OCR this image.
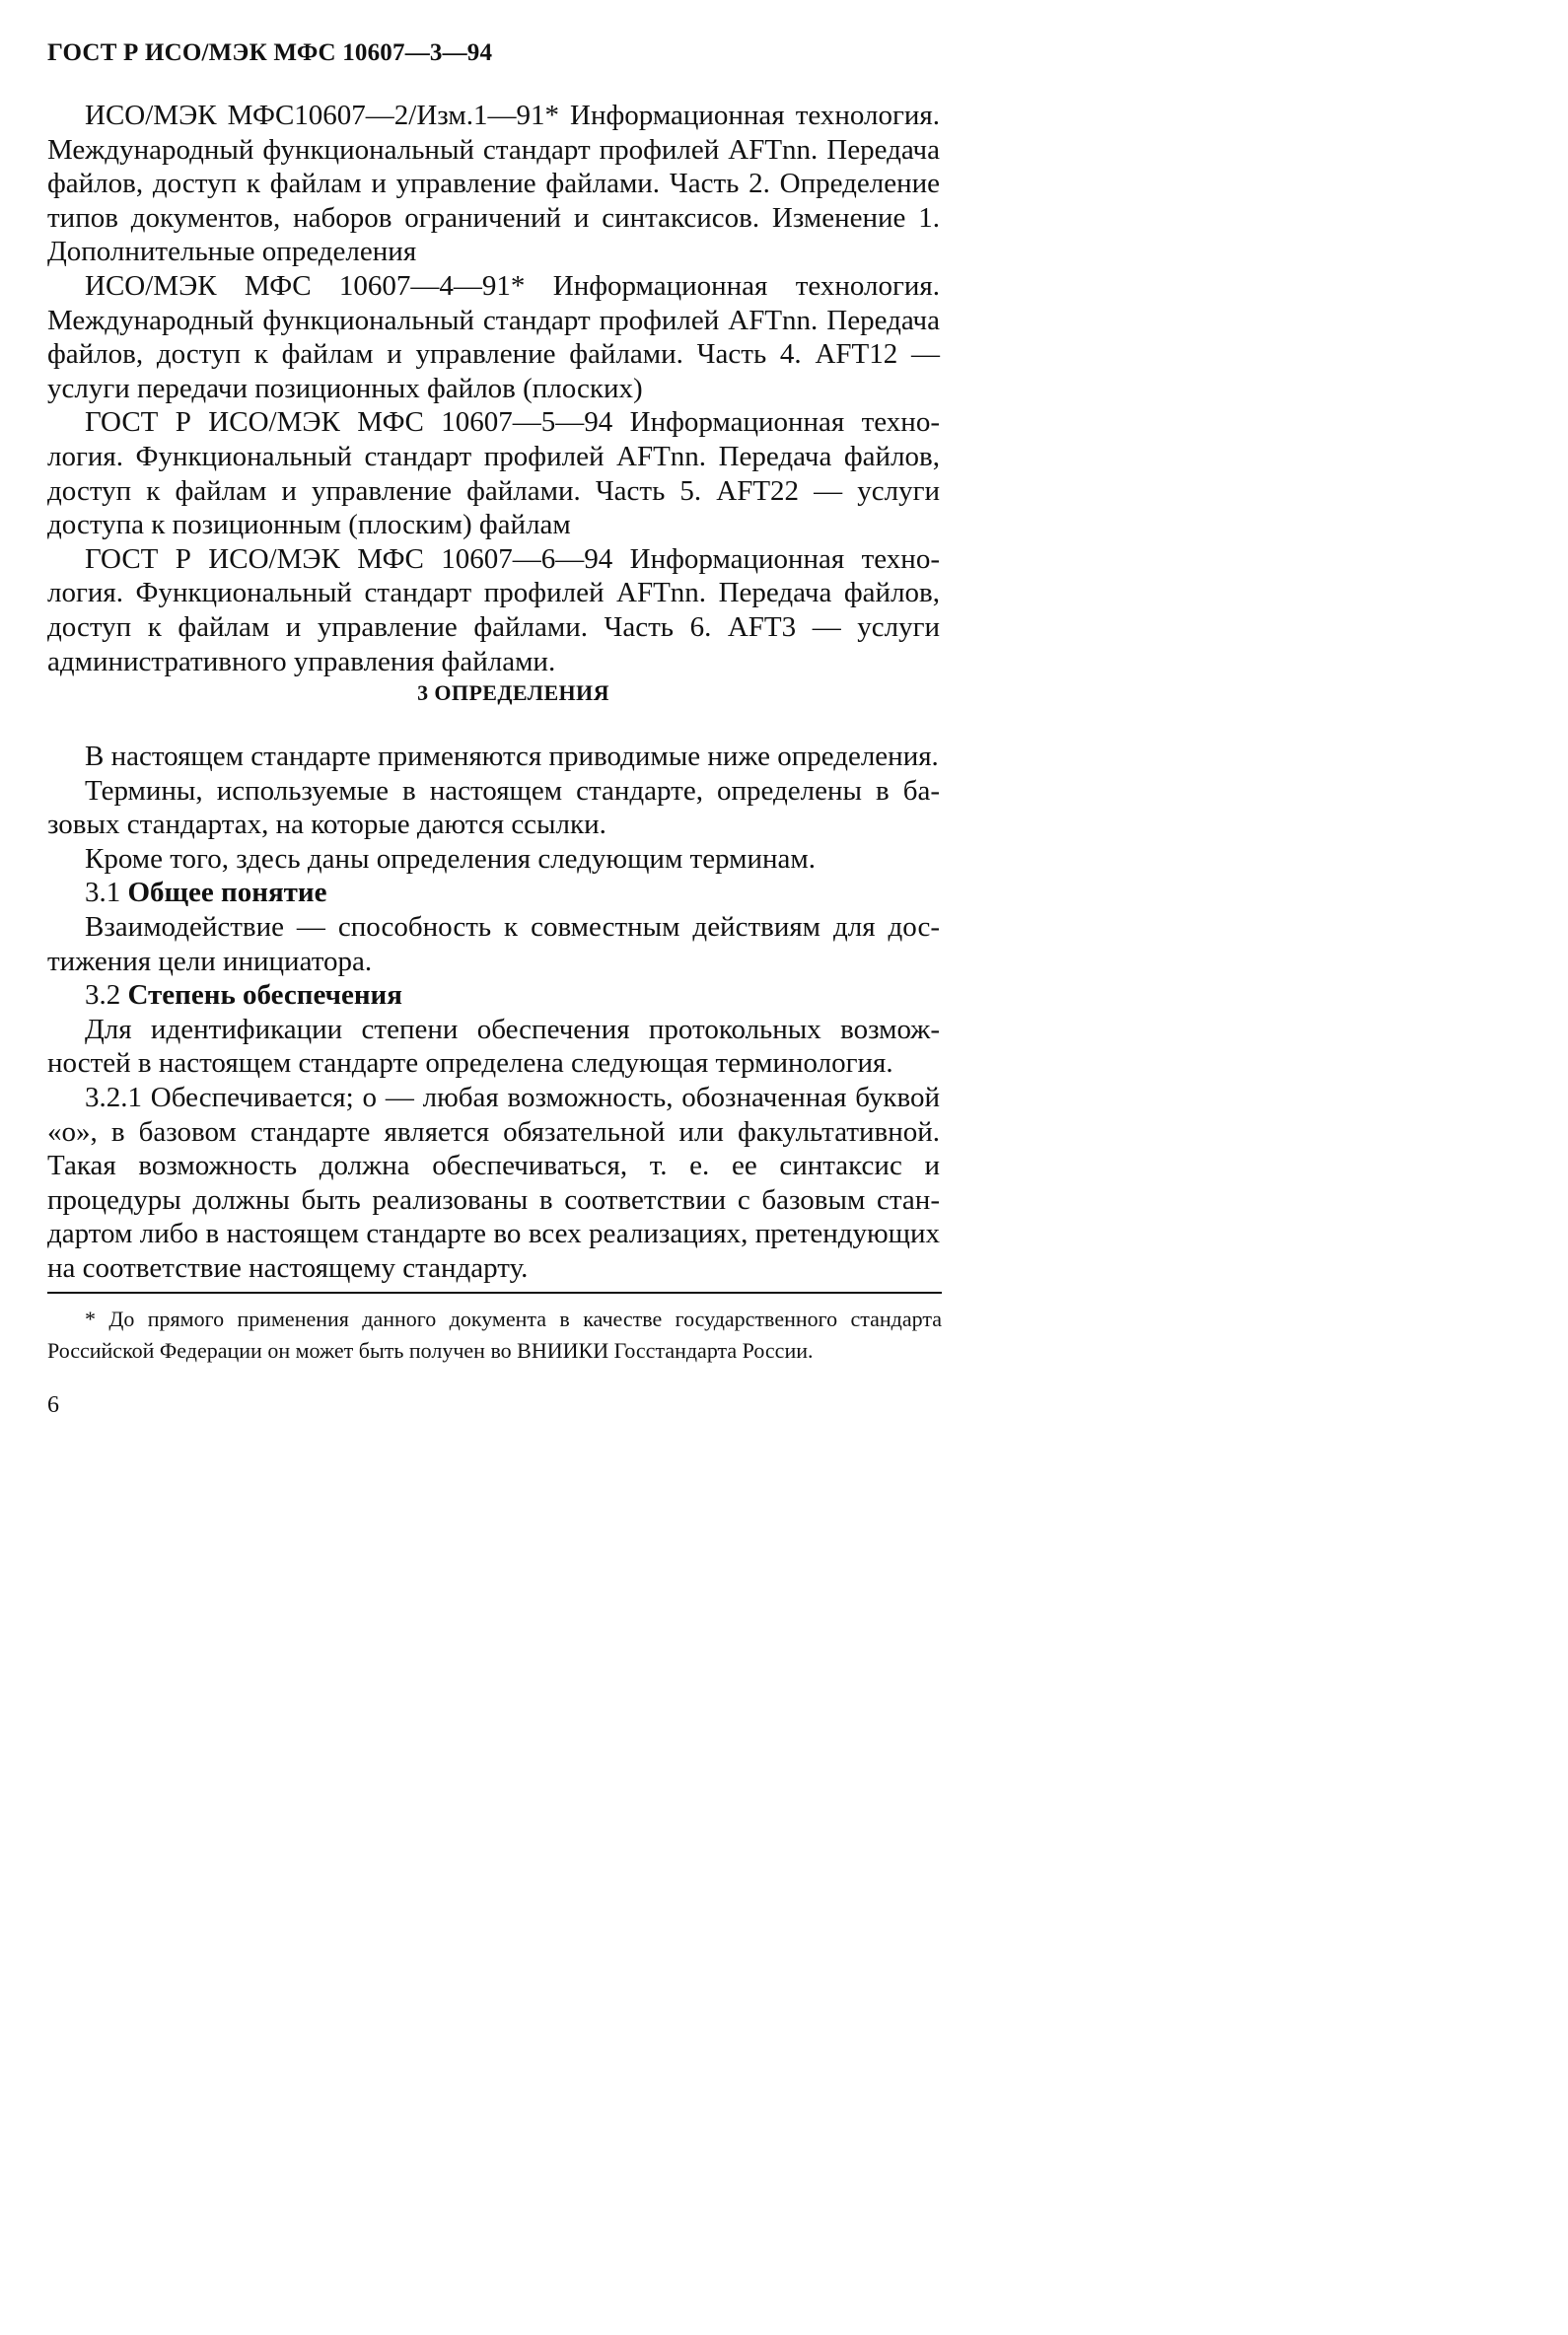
ГОСТ Р ИСО/МЭК МФС 10607—3—94

ИСО/МЭК МФС10607—2/Изм.1—91* Информационная технология. Международный функциональный стандарт профилей AFTnn. Передача файлов, доступ к файлам и управление файлами. Часть 2. Определение типов документов, наборов ограничений и синтаксисов. Изменение 1. Дополнительные определения

ИСО/МЭК МФС 10607—4—91* Информационная технология. Международный функциональный стандарт профилей AFTnn. Передача файлов, доступ к файлам и управление файлами. Часть 4. AFT12 — услуги передачи позиционных файлов (плоских)

ГОСТ Р ИСО/МЭК МФС 10607—5—94 Информационная технология. Функциональный стандарт профилей AFTnn. Передача файлов, доступ к файлам и управление файлами. Часть 5. AFT22 — услуги доступа к позиционным (плоским) файлам

ГОСТ Р ИСО/МЭК МФС 10607—6—94 Информационная технология. Функциональный стандарт профилей AFTnn. Передача файлов, доступ к файлам и управление файлами. Часть 6. AFT3 — услуги административного управления файлами.

3 ОПРЕДЕЛЕНИЯ

В настоящем стандарте применяются приводимые ниже определения.

Термины, используемые в настоящем стандарте, определены в базовых стандартах, на которые даются ссылки.

Кроме того, здесь даны определения следующим терминам.

3.1 Общее понятие

Взаимодействие — способность к совместным действиям для достижения цели инициатора.

3.2 Степень обеспечения

Для идентификации степени обеспечения протокольных возможностей в настоящем стандарте определена следующая терминология.

3.2.1 Обеспечивается; о — любая возможность, обозначенная буквой «о», в базовом стандарте является обязательной или факультативной. Такая возможность должна обеспечиваться, т. е. ее синтаксис и процедуры должны быть реализованы в соответствии с базовым стандартом либо в настоящем стандарте во всех реализациях, претендующих на соответствие настоящему стандарту.

* До прямого применения данного документа в качестве государственного стандарта Российской Федерации он может быть получен во ВНИИКИ Госстандарта России.
6
